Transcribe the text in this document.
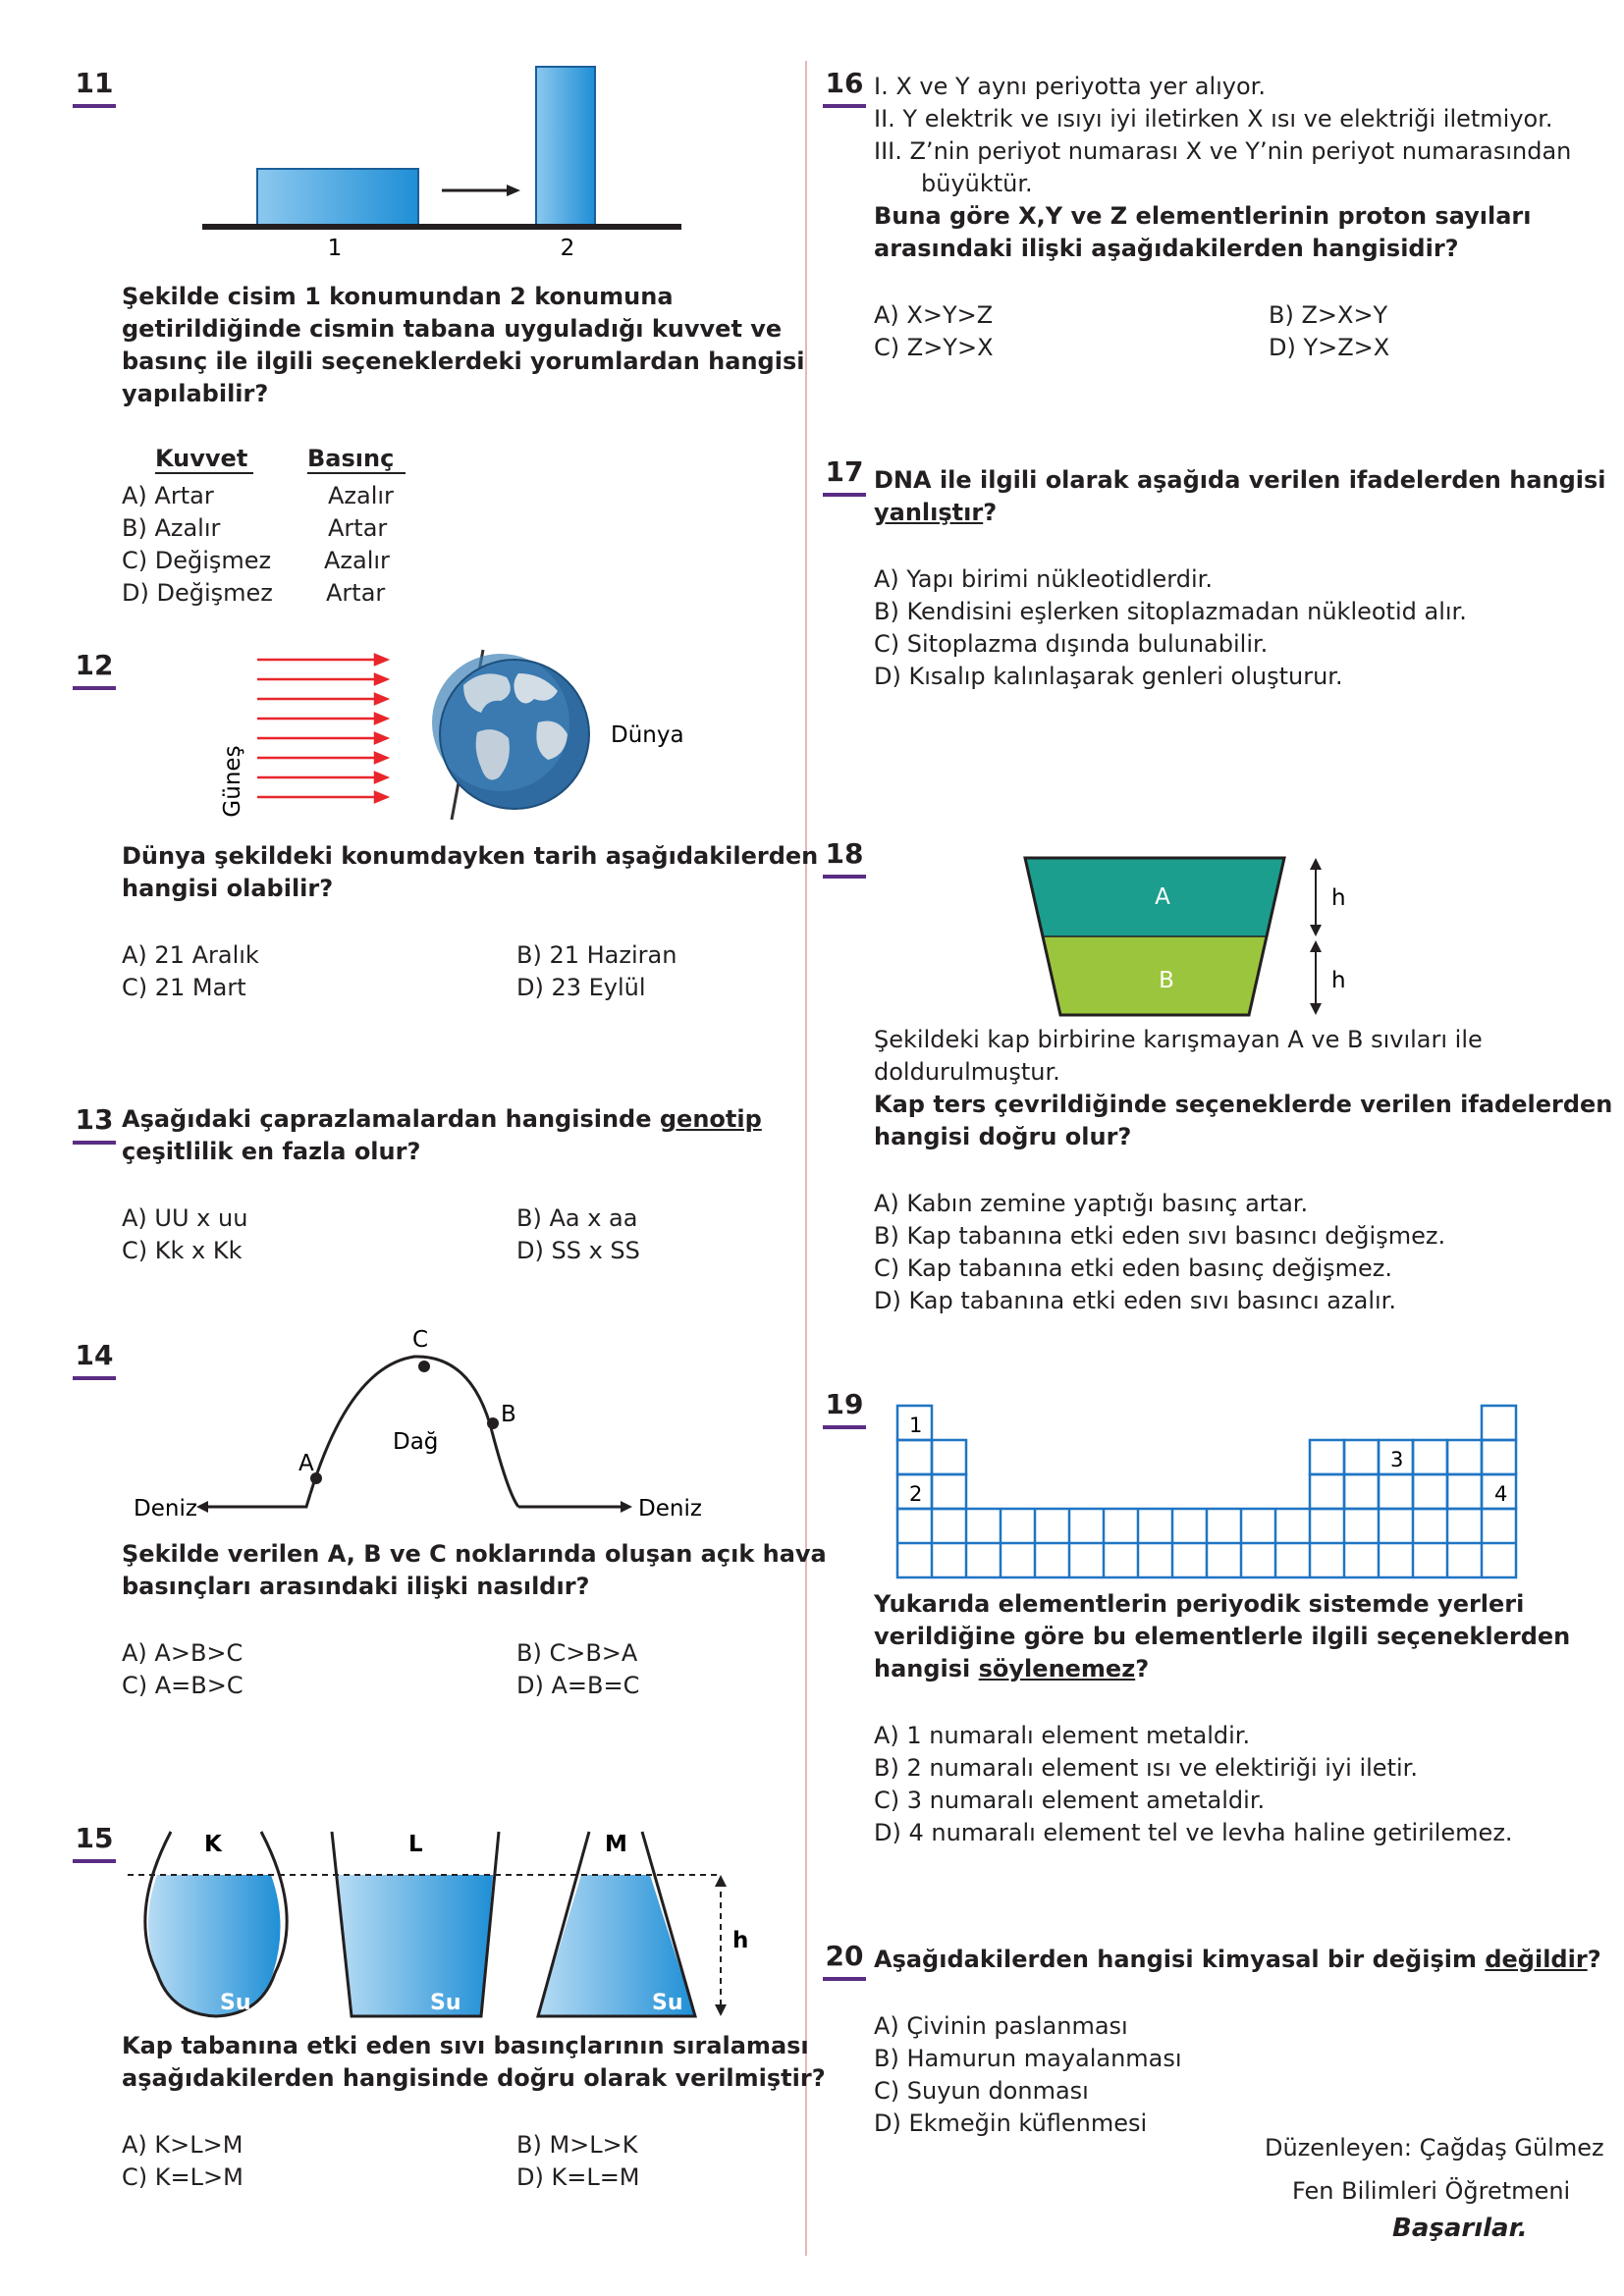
11
1	2
Şekilde cisim 1 konumundan 2 konumuna
getirildiğinde cismin tabana uyguladığı kuvvet ve
basınç ile ilgili seçeneklerdeki yorumlardan hangisi
yapılabilir?
Kuvvet	Basınç
A) Artar	Azalır
B) Azalır	Artar
C) Değişmez Azalır
D) Değişmez Artar
12
Güneş
Dünya
Dünya şekildeki konumdayken tarih aşağıdakilerden
hangisi olabilir?
A) 21 Aralık	B) 21 Haziran
C) 21 Mart	D) 23 Eylül
13 Aşağıdaki çaprazlamalardan hangisinde genotip
çeşitlilik en fazla olur?
A) UU x uu	B) Aa x aa
C) Kk x Kk	D) SS x SS
14
A
C
B
Dağ
Deniz	Deniz
Şekilde verilen A, B ve C noklarında oluşan açık hava
basınçları arasındaki ilişki nasıldır?
A) A>B>C	B) C>B>A
C) A=B>C	D) A=B=C
15	K
Su
L
Su
M
Su
h
Kap tabanına etki eden sıvı basınçlarının sıralaması
aşağıdakilerden hangisinde doğru olarak verilmiştir?
A) K>L>M	B) M>L>K
C) K=L>M	D) K=L=M
16 I. X ve Y aynı periyotta yer alıyor.
II. Y elektrik ve ısıyı iyi iletirken X ısı ve elektriği iletmiyor.
III. Z’nin periyot numarası X ve Y’nin periyot numarasından
büyüktür.
Buna göre X,Y ve Z elementlerinin proton sayıları
arasındaki ilişki aşağıdakilerden hangisidir?
A) X>Y>Z	B) Z>X>Y
C) Z>Y>X	D) Y>Z>X
17 DNA ile ilgili olarak aşağıda verilen ifadelerden hangisi
yanlıştır?
A) Yapı birimi nükleotidlerdir.
B) Kendisini eşlerken sitoplazmadan nükleotid alır.
C) Sitoplazma dışında bulunabilir.
D) Kısalıp kalınlaşarak genleri oluşturur.
18
A
B
h
h
Şekildeki kap birbirine karışmayan A ve B sıvıları ile
doldurulmuştur.
Kap ters çevrildiğinde seçeneklerde verilen ifadelerden
hangisi doğru olur?
A) Kabın zemine yaptığı basınç artar.
B) Kap tabanına etki eden sıvı basıncı değişmez.
C) Kap tabanına etki eden basınç değişmez.
D) Kap tabanına etki eden sıvı basıncı azalır.
19
1
2
3
4
Yukarıda elementlerin periyodik sistemde yerleri
verildiğine göre bu elementlerle ilgili seçeneklerden
hangisi söylenemez?
A) 1 numaralı element metaldir.
B) 2 numaralı element ısı ve elektiriği iyi iletir.
C) 3 numaralı element ametaldir.
D) 4 numaralı element tel ve levha haline getirilemez.
20 Aşağıdakilerden hangisi kimyasal bir değişim değildir?
A) Çivinin paslanması
B) Hamurun mayalanması
C) Suyun donması
D) Ekmeğin küflenmesi
Düzenleyen: Çağdaş Gülmez
Fen Bilimleri Öğretmeni
Başarılar.
